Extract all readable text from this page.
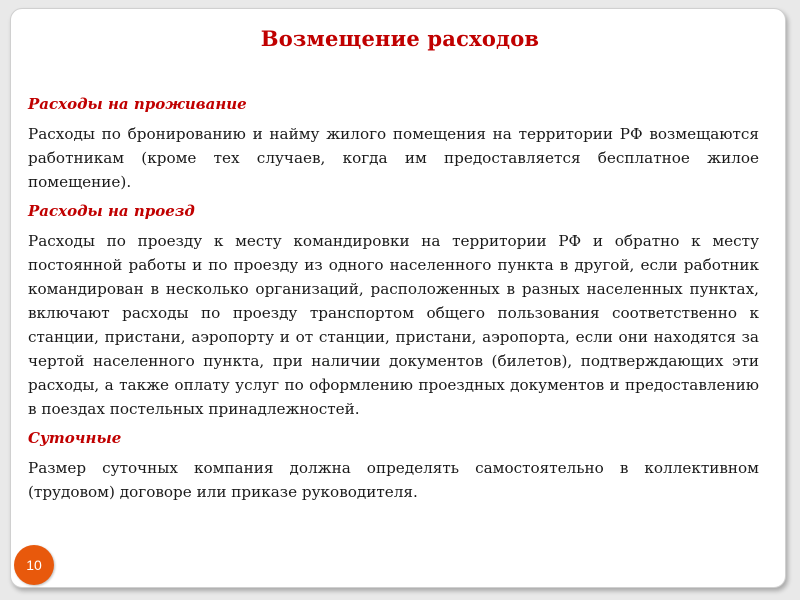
Возмещение расходов
Расходы на проживание
Расходы по бронированию и найму жилого помещения на территории РФ возмещаются работникам (кроме тех случаев, когда им предоставляется бесплатное жилое помещение).
Расходы на проезд
Расходы по проезду к месту командировки на территории РФ и обратно к месту постоянной работы и по проезду из одного населенного пункта в другой, если работник командирован в несколько организаций, расположенных в разных населенных пунктах, включают расходы по проезду транспортом общего пользования соответственно к станции, пристани, аэропорту и от станции, пристани, аэропорта, если они находятся за чертой населенного пункта, при наличии документов (билетов), подтверждающих эти расходы, а также оплату услуг по оформлению проездных документов и предоставлению в поездах постельных принадлежностей.
Суточные
Размер суточных компания должна определять самостоятельно в коллективном (трудовом) договоре или приказе руководителя.
10
